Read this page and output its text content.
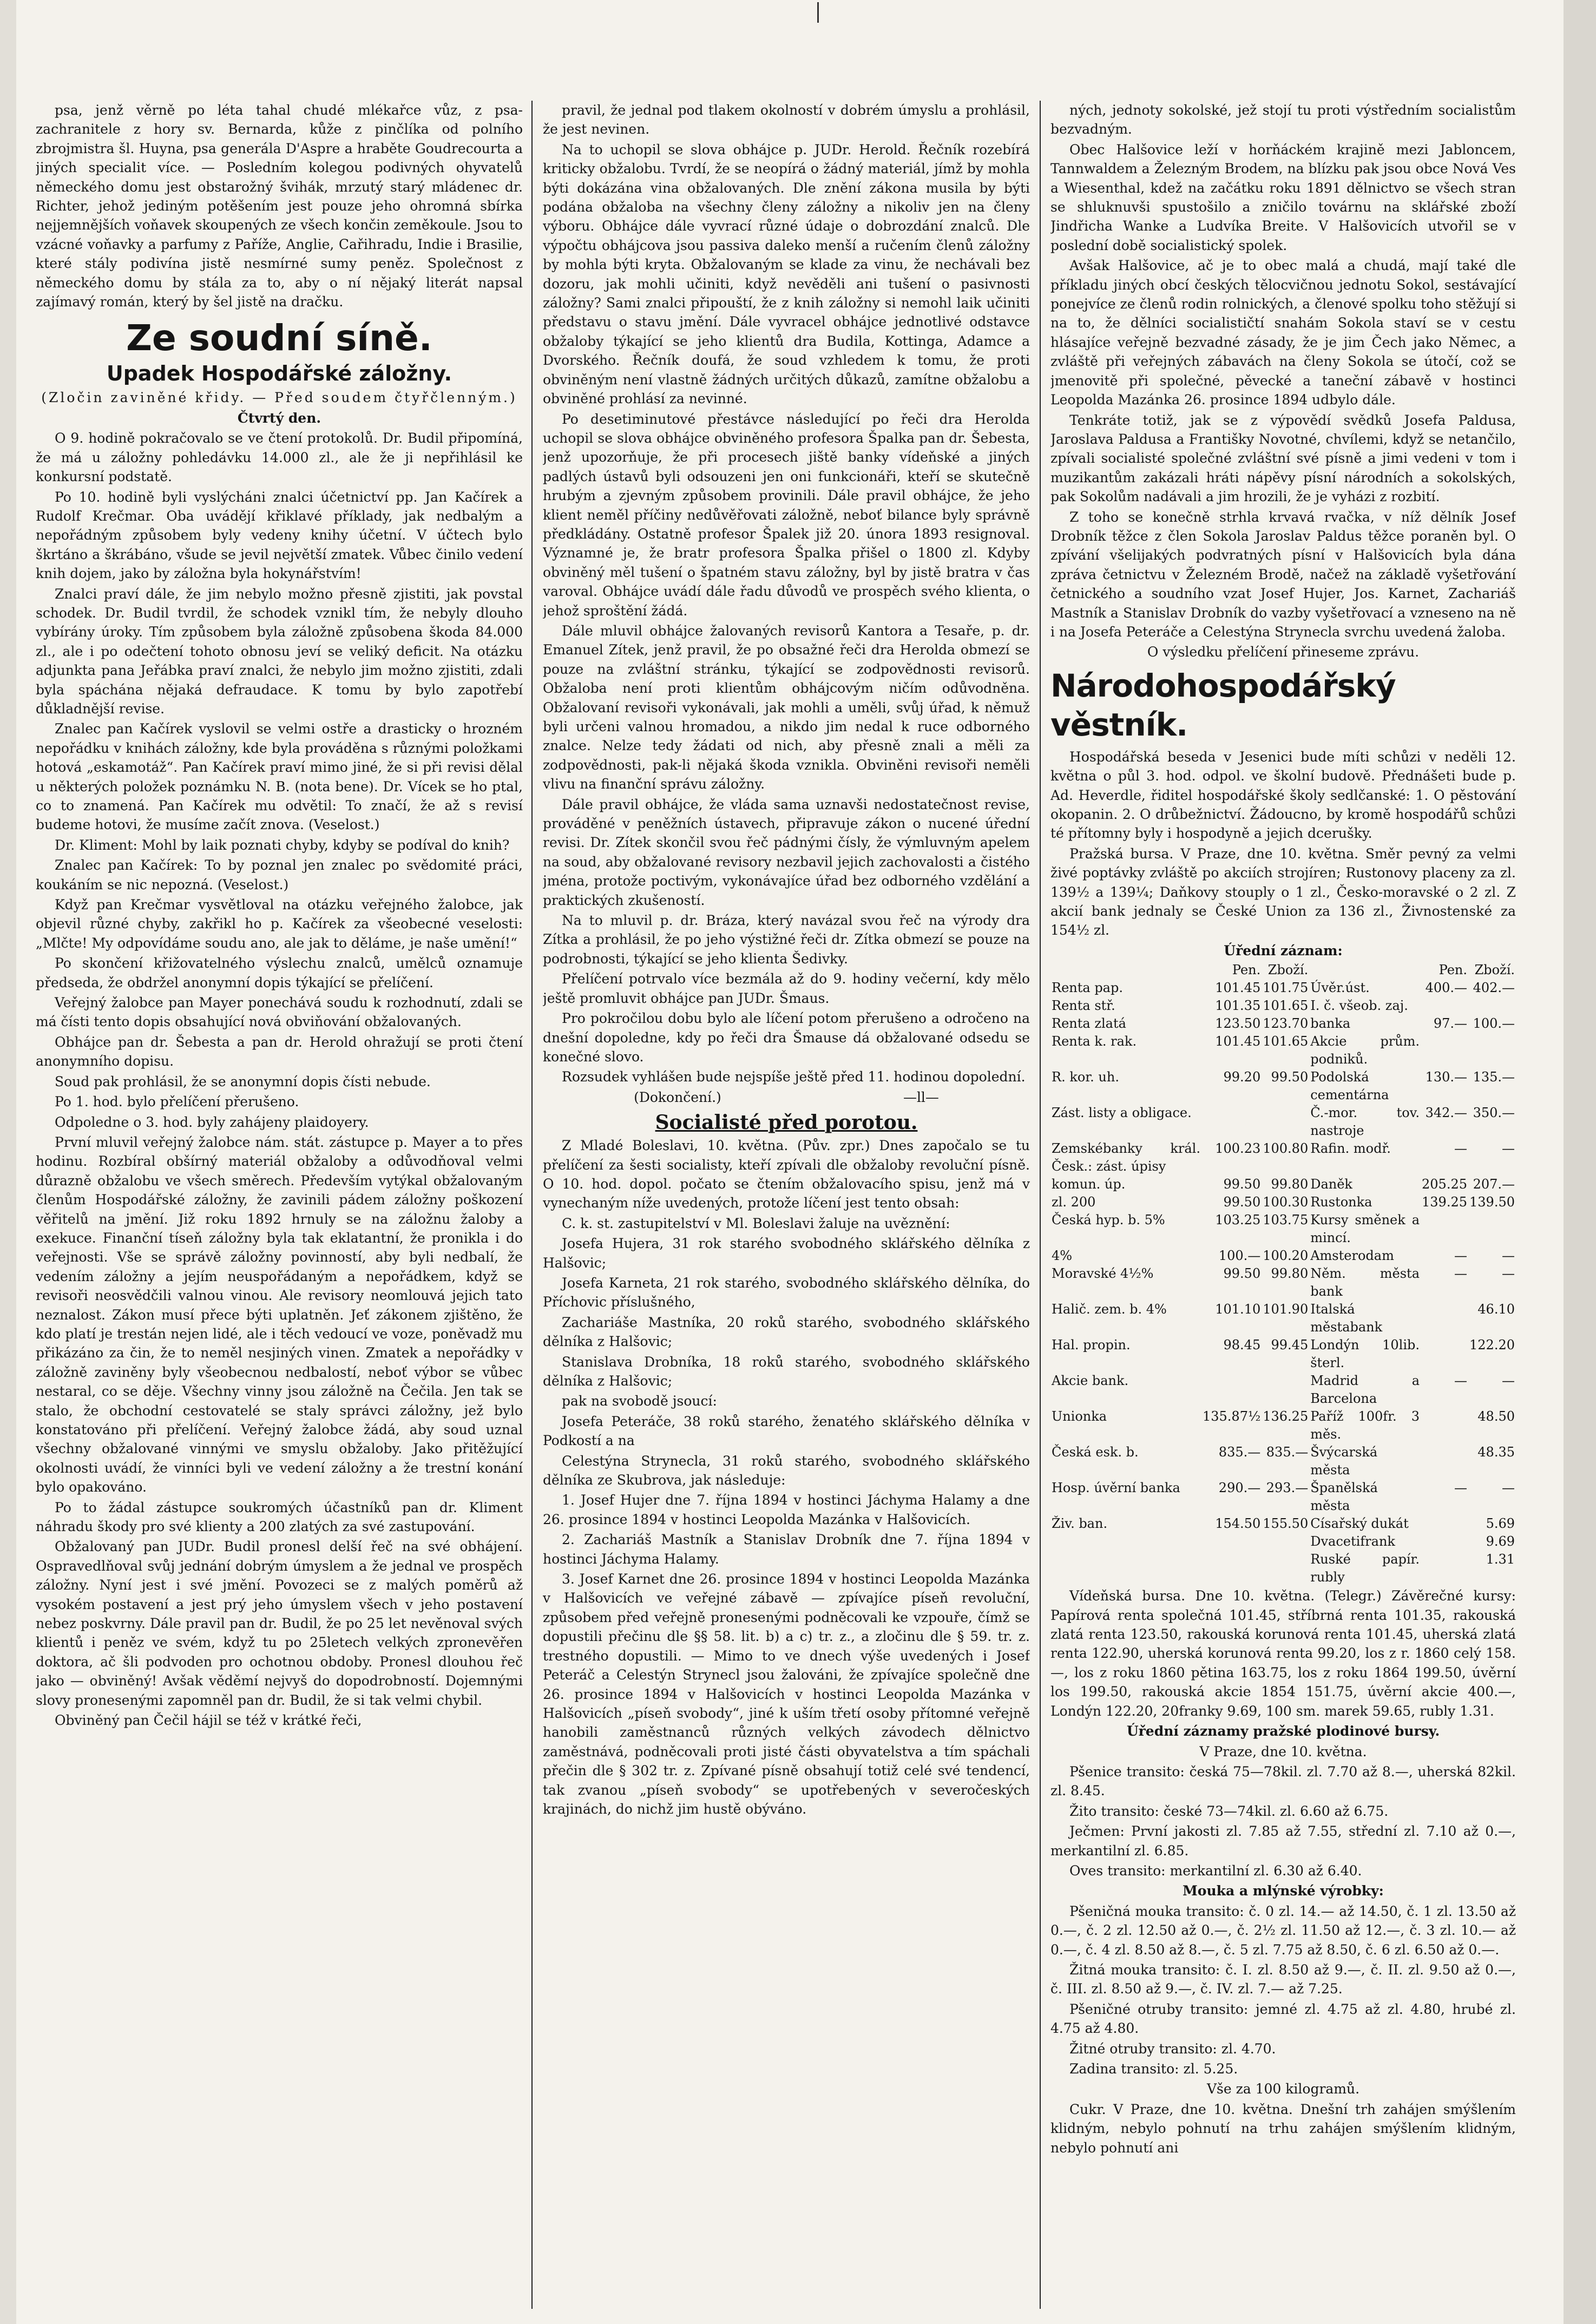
psa, jenž věrně po léta tahal chudé mlékařce vůz, z psa-zachranitele z hory sv. Bernarda, kůže z pinčlíka od polního zbrojmistra šl. Huyna, psa generála D'Aspre a hraběte Goudrecourta a jiných specialit více. — Posledním kolegou podivných ohyvatelů německého domu jest obstarožný švihák, mrzutý starý mládenec dr. Richter, jehož jediným potěšením jest pouze jeho ohromná sbírka nejjemnějších voňavek skoupených ze všech končin zeměkoule. Jsou to vzácné voňavky a parfumy z Paříže, Anglie, Cařihradu, Indie i Brasilie, které stály podivína jistě nesmírné sumy peněz. Společnost z německého domu by stála za to, aby o ní nějaký literát napsal zajímavý román, který by šel jistě na dračku.

Ze soudní síně.
Upadek Hospodářské záložny.

(Zločin zaviněné křidy. — Před soudem čtyřčlenným.)

Čtvrtý den.

O 9. hodině pokračovalo se ve čtení protokolů. Dr. Budil připomíná, že má u záložny pohledávku 14.000 zl., ale že ji nepřihlásil ke konkursní podstatě.

Po 10. hodině byli vyslýcháni znalci účetnictví pp. Jan Kačírek a Rudolf Krečmar. Oba uvádějí křiklavé příklady, jak nedbalým a nepořádným způsobem byly vedeny knihy účetní. V účtech bylo škrtáno a škrábáno, všude se jevil největší zmatek. Vůbec činilo vedení knih dojem, jako by záložna byla hokynářstvím!

Znalci praví dále, že jim nebylo možno přesně zjistiti, jak povstal schodek. Dr. Budil tvrdil, že schodek vznikl tím, že nebyly dlouho vybírány úroky. Tím způsobem byla záložně způsobena škoda 84.000 zl., ale i po odečtení tohoto obnosu jeví se veliký deficit. Na otázku adjunkta pana Jeřábka praví znalci, že nebylo jim možno zjistiti, zdali byla spáchána nějaká defraudace. K tomu by bylo zapotřebí důkladnější revise.

Znalec pan Kačírek vyslovil se velmi ostře a drasticky o hrozném nepořádku v knihách záložny, kde byla prováděna s různými položkami hotová „eskamotáž“. Pan Kačírek praví mimo jiné, že si při revisi dělal u některých položek poznámku N. B. (nota bene). Dr. Vícek se ho ptal, co to znamená. Pan Kačírek mu odvětil: To značí, že až s revisí budeme hotovi, že musíme začít znova. (Veselost.)

Dr. Kliment: Mohl by laik poznati chyby, kdyby se podíval do knih?

Znalec pan Kačírek: To by poznal jen znalec po svědomité práci, koukáním se nic nepozná. (Veselost.)

Když pan Krečmar vysvětloval na otázku veřejného žalobce, jak objevil různé chyby, zakřikl ho p. Kačírek za všeobecné veselosti: „Mlčte! My odpovídáme soudu ano, ale jak to děláme, je naše umění!“

Po skončení křižovatelného výslechu znalců, umělců oznamuje předseda, že obdržel anonymní dopis týkající se přelíčení.

Veřejný žalobce pan Mayer ponechává soudu k rozhodnutí, zdali se má čísti tento dopis obsahující nová obviňování obžalovaných.

Obhájce pan dr. Šebesta a pan dr. Herold ohražují se proti čtení anonymního dopisu.

Soud pak prohlásil, že se anonymní dopis čísti nebude.

Po 1. hod. bylo přelíčení přerušeno.

Odpoledne o 3. hod. byly zahájeny plaidoyery.

První mluvil veřejný žalobce nám. stát. zástupce p. Mayer a to přes hodinu. Rozbíral obšírný materiál obžaloby a odůvodňoval velmi důrazně obžalobu ve všech směrech. Především vytýkal obžalovaným členům Hospodářské záložny, že zavinili pádem záložny poškození věřitelů na jmění. Již roku 1892 hrnuly se na záložnu žaloby a exekuce. Finanční tíseň záložny byla tak eklatantní, že pronikla i do veřejnosti. Vše se správě záložny povinností, aby byli nedbalí, že vedením záložny a jejím neuspořádaným a nepořádkem, když se revisoři neosvědčili valnou vinou. Ale revisory neomlouvá jejich tato neznalost. Zákon musí přece býti uplatněn. Jeť zákonem zjištěno, že kdo platí je trestán nejen lidé, ale i těch vedoucí ve voze, poněvadž mu přikázáno za čin, že to neměl nesjiných vinen. Zmatek a nepořádky v záložně zaviněny byly všeobecnou nedbalostí, neboť výbor se vůbec nestaral, co se děje. Všechny vinny jsou záložně na Čečila. Jen tak se stalo, že obchodní cestovatelé se staly správci záložny, jež bylo konstatováno při přelíčení. Veřejný žalobce žádá, aby soud uznal všechny obžalované vinnými ve smyslu obžaloby. Jako přitěžující okolnosti uvádí, že vinníci byli ve vedení záložny a že trestní konání bylo opakováno.

Po to žádal zástupce soukromých účastníků pan dr. Kliment náhradu škody pro své klienty a 200 zlatých za své zastupování.

Obžalovaný pan JUDr. Budil pronesl delší řeč na své obhájení. Ospravedlňoval svůj jednání dobrým úmyslem a že jednal ve prospěch záložny. Nyní jest i své jmění. Povozeci se z malých poměrů až vysokém postavení a jest prý jeho úmyslem všech v jeho postavení nebez poskvrny. Dále pravil pan dr. Budil, že po 25 let nevěnoval svých klientů i peněz ve svém, když tu po 25letech velkých zpronevěřen doktora, ač šli podvoden pro ochotnou obdoby. Pronesl dlouhou řeč jako — obviněný! Avšak věděmí nejvyš do dopodrobností. Dojemnými slovy pronesenými zapomněl pan dr. Budil, že si tak velmi chybil.

Obviněný pan Čečil hájil se též v krátké řeči,

pravil, že jednal pod tlakem okolností v dobrém úmyslu a prohlásil, že jest nevinen.

Na to uchopil se slova obhájce p. JUDr. Herold. Řečník rozebírá kriticky obžalobu. Tvrdí, že se neopírá o žádný materiál, jímž by mohla býti dokázána vina obžalovaných. Dle znění zákona musila by býti podána obžaloba na všechny členy záložny a nikoliv jen na členy výboru. Obhájce dále vyvrací různé údaje o dobrozdání znalců. Dle výpočtu obhájcova jsou passiva daleko menší a ručením členů záložny by mohla býti kryta. Obžalovaným se klade za vinu, že nechávali bez dozoru, jak mohli učiniti, když nevěděli ani tušení o pasivnosti záložny? Sami znalci připouští, že z knih záložny si nemohl laik učiniti představu o stavu jmění. Dále vyvracel obhájce jednotlivé odstavce obžaloby týkající se jeho klientů dra Budila, Kottinga, Adamce a Dvorského. Řečník doufá, že soud vzhledem k tomu, že proti obviněným není vlastně žádných určitých důkazů, zamítne obžalobu a obviněné prohlásí za nevinné.

Po desetiminutové přestávce následující po řeči dra Herolda uchopil se slova obhájce obviněného profesora Špalka pan dr. Šebesta, jenž upozorňuje, že při procesech jiště banky vídeňské a jiných padlých ústavů byli odsouzeni jen oni funkcionáři, kteří se skutečně hrubým a zjevným způsobem provinili. Dále pravil obhájce, že jeho klient neměl příčiny nedůvěřovati záložně, neboť bilance byly správně předkládány. Ostatně profesor Špalek již 20. února 1893 resignoval. Významné je, že bratr profesora Špalka přišel o 1800 zl. Kdyby obviněný měl tušení o špatném stavu záložny, byl by jistě bratra v čas varoval. Obhájce uvádí dále řadu důvodů ve prospěch svého klienta, o jehož sproštění žádá.

Dále mluvil obhájce žalovaných revisorů Kantora a Tesaře, p. dr. Emanuel Zítek, jenž pravil, že po obsažné řeči dra Herolda obmezí se pouze na zvláštní stránku, týkající se zodpovědnosti revisorů. Obžaloba není proti klientům obhájcovým ničím odůvodněna. Obžalovaní revisoři vykonávali, jak mohli a uměli, svůj úřad, k němuž byli určeni valnou hromadou, a nikdo jim nedal k ruce odborného znalce. Nelze tedy žádati od nich, aby přesně znali a měli za zodpovědnosti, pak-li nějaká škoda vznikla. Obviněni revisoři neměli vlivu na finanční správu záložny.

Dále pravil obhájce, že vláda sama uznavši nedostatečnost revise, prováděné v peněžních ústavech, připravuje zákon o nucené úřední revisi. Dr. Zítek skončil svou řeč pádnými čísly, že výmluvným apelem na soud, aby obžalované revisory nezbavil jejich zachovalosti a čistého jména, protože poctivým, vykonávajíce úřad bez odborného vzdělání a praktických zkušeností.

Na to mluvil p. dr. Bráza, který navázal svou řeč na výrody dra Zítka a prohlásil, že po jeho výstižné řeči dr. Zítka obmezí se pouze na podrobnosti, týkající se jeho klienta Šedivky.

Přelíčení potrvalo více bezmála až do 9. hodiny večerní, kdy mělo ještě promluvit obhájce pan JUDr. Šmaus.

Pro pokročilou dobu bylo ale líčení potom přerušeno a odročeno na dnešní dopoledne, kdy po řeči dra Šmause dá obžalované odsedu se konečné slovo.

Rozsudek vyhlášen bude nejspíše ještě před 11. hodinou dopolední.

(Dokončení.)	—ll—

Socialisté před porotou.

Z Mladé Boleslavi, 10. května. (Pův. zpr.) Dnes započalo se tu přelíčení za šesti socialisty, kteří zpívali dle obžaloby revoluční písně. O 10. hod. dopol. počato se čtením obžalovacího spisu, jenž má v vynechaným níže uvedených, protože líčení jest tento obsah:

C. k. st. zastupitelství v Ml. Boleslavi žaluje na uvěznění:

Josefa Hujera, 31 rok starého svobodného sklářského dělníka z Halšovic;

Josefa Karneta, 21 rok starého, svobodného sklářského dělníka, do Příchovic příslušného,

Zachariáše Mastníka, 20 roků starého, svobodného sklářského dělníka z Halšovic;

Stanislava Drobníka, 18 roků starého, svobodného sklářského dělníka z Halšovic;

pak na svobodě jsoucí:

Josefa Peteráče, 38 roků starého, ženatého sklářského dělníka v Podkostí a na

Celestýna Strynecla, 31 roků starého, svobodného sklářského dělníka ze Skubrova, jak následuje:

1. Josef Hujer dne 7. října 1894 v hostinci Jáchyma Halamy a dne 26. prosince 1894 v hostinci Leopolda Mazánka v Halšovicích.

2. Zachariáš Mastník a Stanislav Drobník dne 7. října 1894 v hostinci Jáchyma Halamy.

3. Josef Karnet dne 26. prosince 1894 v hostinci Leopolda Mazánka v Halšovicích ve veřejné zábavě — zpívajíce píseň revoluční, způsobem před veřejně pronesenými podněcovali ke vzpouře, čímž se dopustili přečinu dle §§ 58. lit. b) a c) tr. z., a zločinu dle § 59. tr. z. trestného dopustili. — Mimo to ve dnech výše uvedených i Josef Peteráč a Celestýn Strynecl jsou žalováni, že zpívajíce společně dne 26. prosince 1894 v Halšovicích v hostinci Leopolda Mazánka v Halšovicích „píseň svobody“, jiné k uším třetí osoby přítomné veřejně hanobili zaměstnanců různých velkých závodech dělnictvo zaměstnává, podněcovali proti jisté části obyvatelstva a tím spáchali přečin dle § 302 tr. z. Zpívané písně obsahují totiž celé své tendencí, tak zvanou „píseň svobody“ se upotřebených v severočeských krajinách, do nichž jim hustě obýváno.

ných, jednoty sokolské, jež stojí tu proti výstředním socialistům bezvadným.

Obec Halšovice leží v horňáckém krajině mezi Jabloncem, Tannwaldem a Železným Brodem, na blízku pak jsou obce Nová Ves a Wiesenthal, kdež na začátku roku 1891 dělnictvo se všech stran se shluknuvši spustošilo a zničilo továrnu na sklářské zboží Jindřicha Wanke a Ludvíka Breite. V Halšovicích utvořil se v poslední době socialistický spolek.

Avšak Halšovice, ač je to obec malá a chudá, mají také dle příkladu jiných obcí českých tělocvičnou jednotu Sokol, sestávající ponejvíce ze členů rodin rolnických, a členové spolku toho stěžují si na to, že dělníci socialističtí snahám Sokola staví se v cestu hlásajíce veřejně bezvadné zásady, že je jim Čech jako Němec, a zvláště při veřejných zábavách na členy Sokola se útočí, což se jmenovitě při společné, pěvecké a taneční zábavě v hostinci Leopolda Mazánka 26. prosince 1894 udbylo dále.

Tenkráte totiž, jak se z výpovědí svědků Josefa Paldusa, Jaroslava Paldusa a Františky Novotné, chvílemi, když se netančilo, zpívali socialisté společné zvláštní své písně a jimi vedeni v tom i muzikantům zakázali hráti nápěvy písní národních a sokolských, pak Sokolům nadávali a jim hrozili, že je vyházi z rozbití.

Z toho se konečně strhla krvavá rvačka, v níž dělník Josef Drobník těžce z člen Sokola Jaroslav Paldus těžce poraněn byl. O zpívání všelijakých podvratných písní v Halšovicích byla dána zpráva četnictvu v Železném Brodě, načež na základě vyšetřování četnického a soudního vzat Josef Hujer, Jos. Karnet, Zachariáš Mastník a Stanislav Drobník do vazby vyšetřovací a vzneseno na ně i na Josefa Peteráče a Celestýna Strynecla svrchu uvedená žaloba.

O výsledku přelíčení přineseme zprávu.

Národohospodářský věstník.

Hospodářská beseda v Jesenici bude míti schůzi v neděli 12. května o půl 3. hod. odpol. ve školní budově. Přednášeti bude p. Ad. Heverdle, řiditel hospodářské školy sedlčanské: 1. O pěstování okopanin. 2. O drůbežnictví. Žádoucno, by kromě hospodářů schůzi té přítomny byly i hospodyně a jejich dcerušky.

Pražská bursa. V Praze, dne 10. května. Směr pevný za velmi živé poptávky zvláště po akciích strojíren; Rustonovy placeny za zl. 139½ a 139¼; Daňkovy stouply o 1 zl., Česko-moravské o 2 zl. Z akcií bank jednaly se České Union za 136 zl., Živnostenské za 154½ zl.

Úřední záznam:

	Pen.	Zboží.		Pen.	Zboží.
Renta pap.	101.45	101.75	Úvěr.úst.	400.—	402.—
Renta stř.	101.35	101.65	I. č. všeob. zaj.		
Renta zlatá	123.50	123.70	banka	97.—	100.—
Renta k. rak.	101.45	101.65	Akcie prům. podniků.		
R. kor. uh.	99.20	99.50	Podolská cementárna	130.—	135.—
Zást. listy a obligace.			Č.-mor. tov. nastroje	342.—	350.—
Zemskébanky král. Česk.: zást. úpisy	100.23	100.80	Rafin. modř.	—	—
komun. úp.	99.50	99.80	Daněk	205.25	207.—
zl. 200	99.50	100.30	Rustonka	139.25	139.50
Česká hyp. b. 5%	103.25	103.75	Kursy směnek a mincí.		
4%	100.—	100.20	Amsterodam	—	—
Moravské 4½%	99.50	99.80	Něm. města bank	—	—
Halič. zem. b. 4%	101.10	101.90	Italská městabank		46.10
Hal. propin.	98.45	99.45	Londýn 10lib. šterl.		122.20
Akcie bank.			Madrid a Barcelona	—	—
Unionka	135.87½	136.25	Paříž 100fr. 3 měs.		48.50
Česká esk. b.	835.—	835.—	Švýcarská města		48.35
Hosp. úvěrní banka	290.—	293.—	Španělská města	—	—
Živ. ban.	154.50	155.50	Císařský dukát		5.69
			Dvacetifrank		9.69
			Ruské papír. rubly		1.31

Vídeňská bursa. Dne 10. května. (Telegr.) Závěrečné kursy: Papírová renta společná 101.45, stříbrná renta 101.35, rakouská zlatá renta 123.50, rakouská korunová renta 101.45, uherská zlatá renta 122.90, uherská korunová renta 99.20, los z r. 1860 celý 158.—, los z roku 1860 pětina 163.75, los z roku 1864 199.50, úvěrní los 199.50, rakouská akcie 1854 151.75, úvěrní akcie 400.—, Londýn 122.20, 20franky 9.69, 100 sm. marek 59.65, rubly 1.31.

Úřední záznamy pražské plodinové bursy.

V Praze, dne 10. května.

Pšenice transito: česká 75—78kil. zl. 7.70 až 8.—, uherská 82kil. zl. 8.45.

Žito transito: české 73—74kil. zl. 6.60 až 6.75.

Ječmen: První jakosti zl. 7.85 až 7.55, střední zl. 7.10 až 0.—, merkantilní zl. 6.85.

Oves transito: merkantilní zl. 6.30 až 6.40.

Mouka a mlýnské výrobky:

Pšeničná mouka transito: č. 0 zl. 14.— až 14.50, č. 1 zl. 13.50 až 0.—, č. 2 zl. 12.50 až 0.—, č. 2½ zl. 11.50 až 12.—, č. 3 zl. 10.— až 0.—, č. 4 zl. 8.50 až 8.—, č. 5 zl. 7.75 až 8.50, č. 6 zl. 6.50 až 0.—.

Žitná mouka transito: č. I. zl. 8.50 až 9.—, č. II. zl. 9.50 až 0.—, č. III. zl. 8.50 až 9.—, č. IV. zl. 7.— až 7.25.

Pšeničné otruby transito: jemné zl. 4.75 až zl. 4.80, hrubé zl. 4.75 až 4.80.

Žitné otruby transito: zl. 4.70.

Zadina transito: zl. 5.25.

Vše za 100 kilogramů.

Cukr. V Praze, dne 10. května. Dnešní trh zahájen smýšlením klidným, nebylo pohnutí na trhu zahájen smýšlením klidným, nebylo pohnutí ani
